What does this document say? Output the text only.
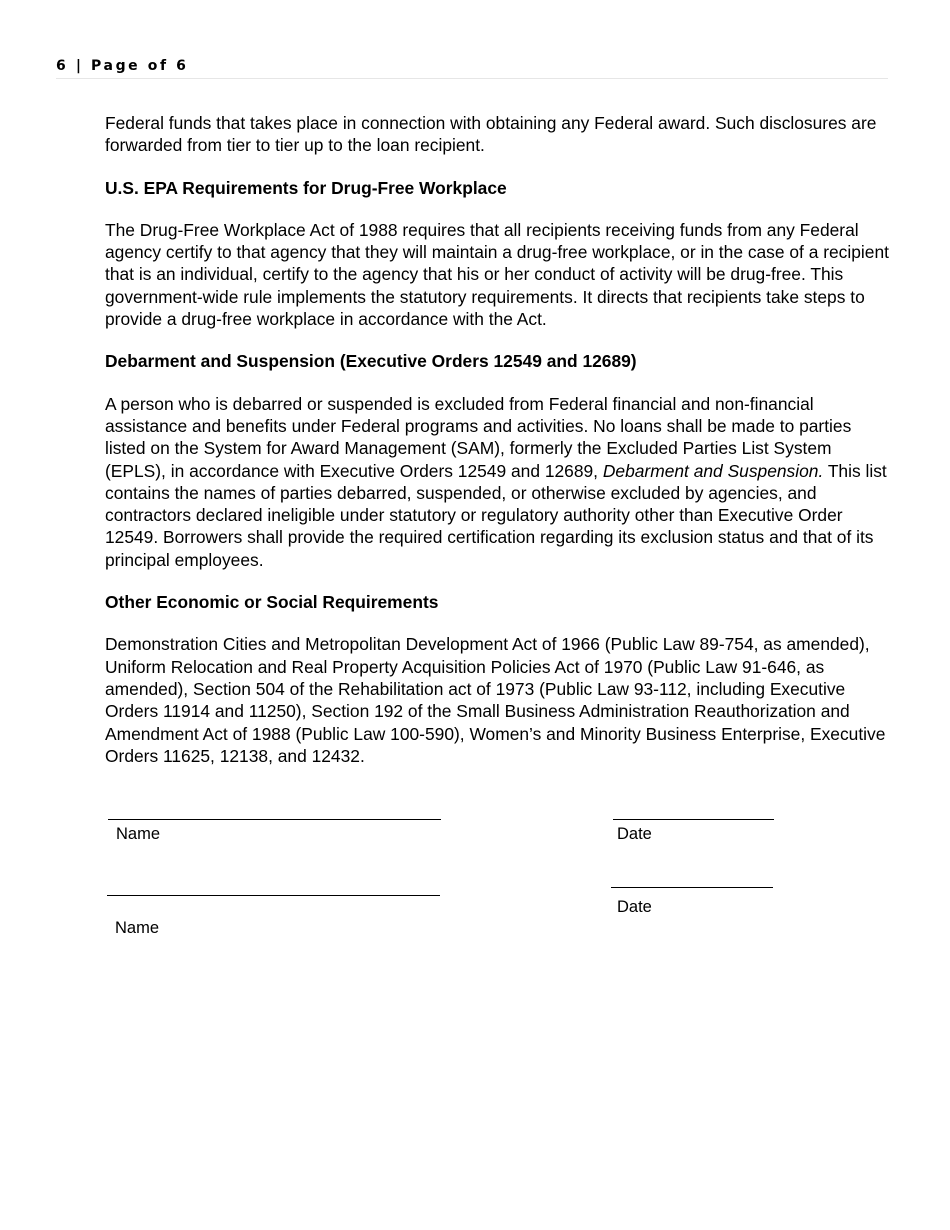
6 | Page of 6

Federal funds that takes place in connection with obtaining any Federal award. Such disclosures are forwarded from tier to tier up to the loan recipient.

U.S. EPA Requirements for Drug-Free Workplace

The Drug-Free Workplace Act of 1988 requires that all recipients receiving funds from any Federal agency certify to that agency that they will maintain a drug-free workplace, or in the case of a recipient that is an individual, certify to the agency that his or her conduct of activity will be drug-free. This government-wide rule implements the statutory requirements. It directs that recipients take steps to provide a drug-free workplace in accordance with the Act.

Debarment and Suspension (Executive Orders 12549 and 12689)

A person who is debarred or suspended is excluded from Federal financial and non-financial assistance and benefits under Federal programs and activities. No loans shall be made to parties listed on the System for Award Management (SAM), formerly the Excluded Parties List System (EPLS), in accordance with Executive Orders 12549 and 12689, Debarment and Suspension. This list contains the names of parties debarred, suspended, or otherwise excluded by agencies, and contractors declared ineligible under statutory or regulatory authority other than Executive Order 12549. Borrowers shall provide the required certification regarding its exclusion status and that of its principal employees.

Other Economic or Social Requirements

Demonstration Cities and Metropolitan Development Act of 1966 (Public Law 89-754, as amended), Uniform Relocation and Real Property Acquisition Policies Act of 1970 (Public Law 91-646, as amended), Section 504 of the Rehabilitation act of 1973 (Public Law 93-112, including Executive Orders 11914 and 11250), Section 192 of the Small Business Administration Reauthorization and Amendment Act of 1988 (Public Law 100-590), Women’s and Minority Business Enterprise, Executive Orders 11625, 12138, and 12432.

Name	Date
Name
Date
